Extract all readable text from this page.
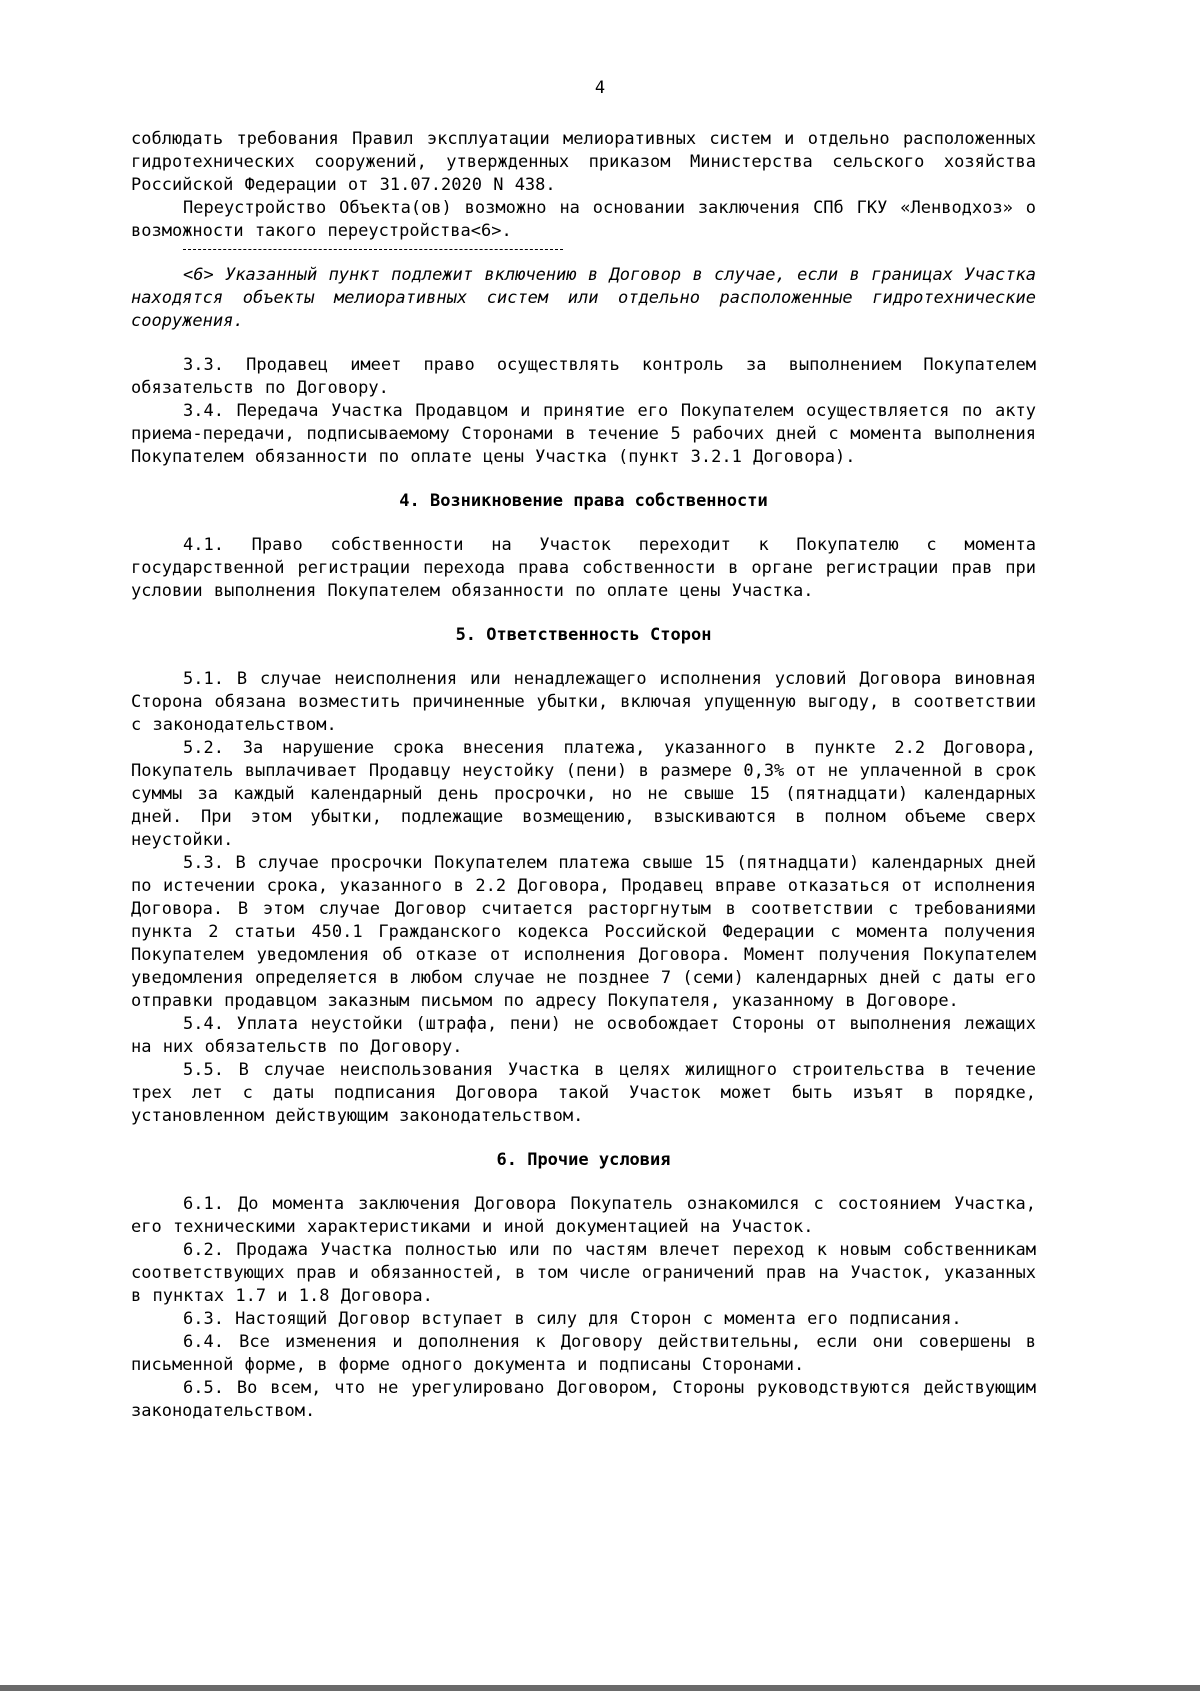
4

соблюдать требования Правил эксплуатации мелиоративных систем и отдельно расположенных гидротехнических сооружений, утвержденных приказом Министерства сельского хозяйства Российской Федерации от 31.07.2020 N 438.

Переустройство Объекта(ов) возможно на основании заключения СПб ГКУ «Ленводхоз» о возможности такого переустройства<6>.

<6> Указанный пункт подлежит включению в Договор в случае, если в границах Участка находятся объекты мелиоративных систем или отдельно расположенные гидротехнические сооружения.

3.3. Продавец имеет право осуществлять контроль за выполнением Покупателем обязательств по Договору.

3.4. Передача Участка Продавцом и принятие его Покупателем осуществляется по акту приема-передачи, подписываемому Сторонами в течение 5 рабочих дней с момента выполнения Покупателем обязанности по оплате цены Участка (пункт 3.2.1 Договора).

4. Возникновение права собственности

4.1. Право собственности на Участок переходит к Покупателю с момента государственной регистрации перехода права собственности в органе регистрации прав при условии выполнения Покупателем обязанности по оплате цены Участка.

5. Ответственность Сторон

5.1. В случае неисполнения или ненадлежащего исполнения условий Договора виновная Сторона обязана возместить причиненные убытки, включая упущенную выгоду, в соответствии с законодательством.

5.2. За нарушение срока внесения платежа, указанного в пункте 2.2 Договора, Покупатель выплачивает Продавцу неустойку (пени) в размере 0,3% от не уплаченной в срок суммы за каждый календарный день просрочки, но не свыше 15 (пятнадцати) календарных дней. При этом убытки, подлежащие возмещению, взыскиваются в полном объеме сверх неустойки.

5.3. В случае просрочки Покупателем платежа свыше 15 (пятнадцати) календарных дней по истечении срока, указанного в 2.2 Договора, Продавец вправе отказаться от исполнения Договора. В этом случае Договор считается расторгнутым в соответствии с требованиями пункта 2 статьи 450.1 Гражданского кодекса Российской Федерации с момента получения Покупателем уведомления об отказе от исполнения Договора. Момент получения Покупателем уведомления определяется в любом случае не позднее 7 (семи) календарных дней с даты его отправки продавцом заказным письмом по адресу Покупателя, указанному в Договоре.

5.4. Уплата неустойки (штрафа, пени) не освобождает Стороны от выполнения лежащих на них обязательств по Договору.

5.5. В случае неиспользования Участка в целях жилищного строительства в течение трех лет с даты подписания Договора такой Участок может быть изъят в порядке, установленном действующим законодательством.

6. Прочие условия

6.1. До момента заключения Договора Покупатель ознакомился с состоянием Участка, его техническими характеристиками и иной документацией на Участок.

6.2. Продажа Участка полностью или по частям влечет переход к новым собственникам соответствующих прав и обязанностей, в том числе ограничений прав на Участок, указанных в пунктах 1.7 и 1.8 Договора.

6.3. Настоящий Договор вступает в силу для Сторон с момента его подписания.

6.4. Все изменения и дополнения к Договору действительны, если они совершены в письменной форме, в форме одного документа и подписаны Сторонами.

6.5. Во всем, что не урегулировано Договором, Стороны руководствуются действующим законодательством.
